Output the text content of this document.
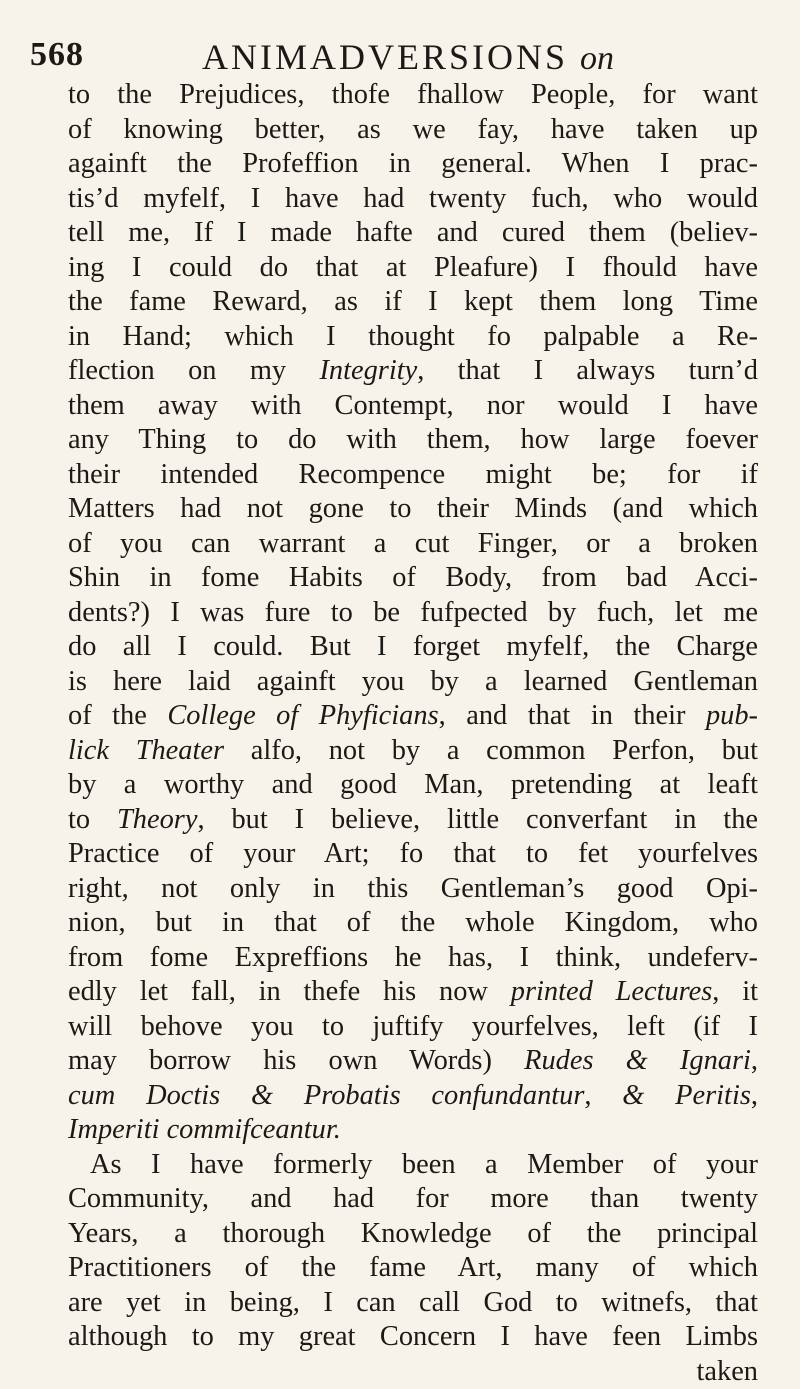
568	ANIMADVERSIONS on
to the Prejudices, thofe fhallow People, for want
of knowing better, as we fay, have taken up
againft the Profeffion in general. When I prac-
tis’d myfelf, I have had twenty fuch, who would
tell me, If I made hafte and cured them (believ-
ing I could do that at Pleafure) I fhould have
the fame Reward, as if I kept them long Time
in Hand; which I thought fo palpable a Re-
flection on my Integrity, that I always turn’d
them away with Contempt, nor would I have
any Thing to do with them, how large foever
their intended Recompence might be; for if
Matters had not gone to their Minds (and which
of you can warrant a cut Finger, or a broken
Shin in fome Habits of Body, from bad Acci-
dents?) I was fure to be fufpected by fuch, let me
do all I could. But I forget myfelf, the Charge
is here laid againft you by a learned Gentleman
of the College of Phyficians, and that in their pub-
lick Theater alfo, not by a common Perfon, but
by a worthy and good Man, pretending at leaft
to Theory, but I believe, little converfant in the
Practice of your Art; fo that to fet yourfelves
right, not only in this Gentleman’s good Opi-
nion, but in that of the whole Kingdom, who
from fome Expreffions he has, I think, undeferv-
edly let fall, in thefe his now printed Lectures, it
will behove you to juftify yourfelves, left (if I
may borrow his own Words) Rudes & Ignari,
cum Doctis & Probatis confundantur, & Peritis,
Imperiti commifceantur.
As I have formerly been a Member of your
Community, and had for more than twenty
Years, a thorough Knowledge of the principal
Practitioners of the fame Art, many of which
are yet in being, I can call God to witnefs, that
although to my great Concern I have feen Limbs
taken
